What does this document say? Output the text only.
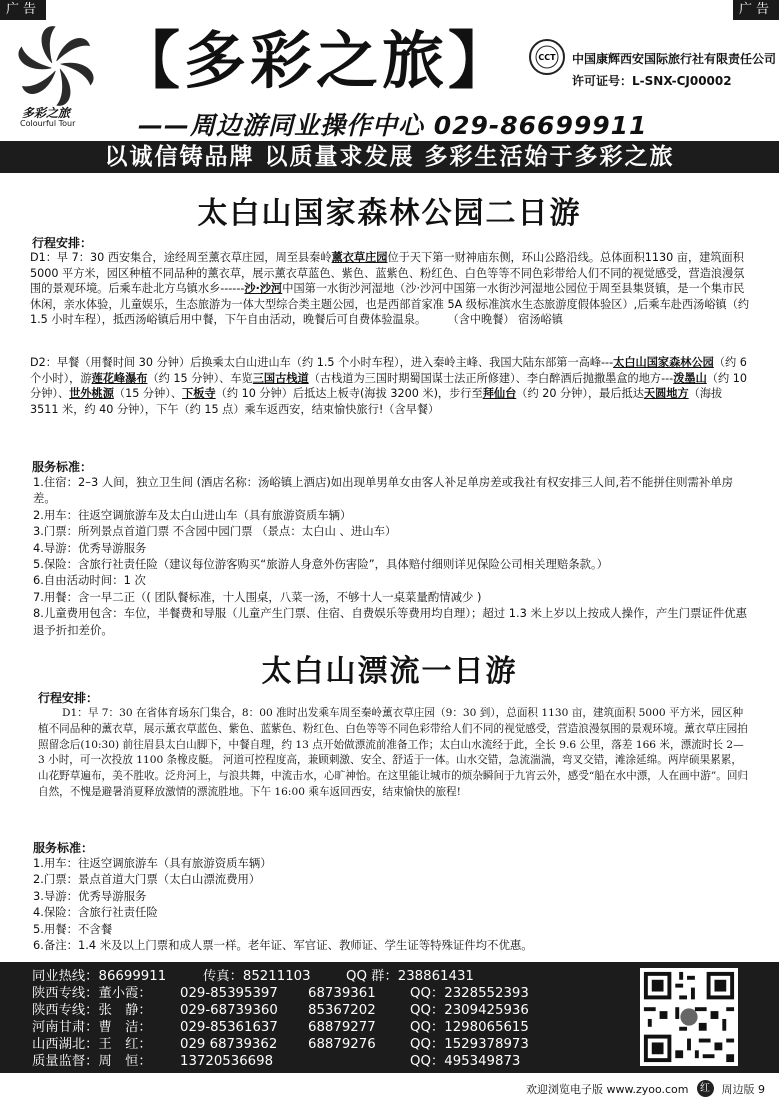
广告	广告
多彩之旅
Colourful Tour
【多彩之旅】	CCT 中国康辉西安国际旅行社有限责任公司
许可证号：L-SNX-CJ00002
——周边游同业操作中心 029-86699911
以诚信铸品牌 以质量求发展 多彩生活始于多彩之旅
太白山国家森林公园二日游
行程安排：

D1：早 7：30 西安集合，途经周至薰衣草庄园，周至县秦岭薰衣草庄园位于天下第一财神庙东侧，环山公路沿线。总体面积1130 亩，建筑面积 5000 平方米，园区种植不同品种的薰衣草，展示薰衣草蓝色、紫色、蓝紫色、粉红色、白色等等不同色彩带给人们不同的视觉感受，营造浪漫氛围的景观环境。后乘车赴北方乌镇水乡------沙·沙河中国第一水街沙河湿地（沙·沙河中国第一水街沙河湿地公园位于周至县集贤镇，是一个集市民休闲，亲水体验，儿童娱乐，生态旅游为一体大型综合类主题公园，也是西部首家准 5A 级标准滨水生态旅游度假体验区）,后乘车赴西汤峪镇（约 1.5 小时车程），抵西汤峪镇后用中餐，下午自由活动，晚餐后可自费体验温泉。 （含中晚餐） 宿汤峪镇

D2：早餐（用餐时间 30 分钟）后换乘太白山进山车（约 1.5 个小时车程），进入秦岭主峰、我国大陆东部第一高峰---太白山国家森林公园（约 6 个小时），游莲花峰瀑布（约 15 分钟）、车览三国古栈道（古栈道为三国时期蜀国谋士法正所修建）、李白醉酒后抛撒墨盒的地方---泼墨山（约 10 分钟）、世外桃源（15 分钟）、下板寺（约 10 分钟）后抵达上板寺(海拔 3200 米)，步行至拜仙台（约 20 分钟），最后抵达天圆地方（海拔 3511 米，约 40 分钟），下午（约 15 点）乘车返西安，结束愉快旅行!（含早餐）

服务标准：
1.住宿：2–3 人间，独立卫生间 (酒店名称：汤峪镇上酒店)如出现单男单女由客人补足单房差或我社有权安排三人间,若不能拼住则需补单房差。
2.用车：往返空调旅游车及太白山进山车（具有旅游资质车辆）
3.门票：所列景点首道门票 不含园中园门票 （景点：太白山 、进山车）
4.导游：优秀导游服务
5.保险：含旅行社责任险（建议每位游客购买“旅游人身意外伤害险”，具体赔付细则详见保险公司相关理赔条款。）
6.自由活动时间：1 次
7.用餐：含一早二正（( 团队餐标准，十人围桌，八菜一汤，不够十人一桌菜量酌情减少 )
8.儿童费用包含：车位，半餐费和导服（儿童产生门票、住宿、自费娱乐等费用均自理）；超过 1.3 米上岁以上按成人操作，产生门票证件优惠退予折扣差价。
太白山漂流一日游
行程安排：

D1：早 7：30 在省体育场东门集合，8：00 准时出发乘车周至秦岭薰衣草庄园（9：30 到），总面积 1130 亩，建筑面积 5000 平方米，园区种植不同品种的薰衣草，展示薰衣草蓝色、紫色、蓝紫色、粉红色、白色等等不同色彩带给人们不同的视觉感受，营造浪漫氛围的景观环境。薰衣草庄园拍照留念后(10:30) 前往眉县太白山脚下，中餐自理，约 13 点开始做漂流前准备工作；太白山水流经于此，全长 9.6 公里，落差 166 米，漂流时长 2—3 小时，可一次投放 1100 条橡皮艇。 河道可控程度高，兼顾刺激、安全、舒适于一体。山水交错，急流湍湍，弯叉交错，滩涂延绵。两岸硕果累累，山花野草遍布，美不胜收。泛舟河上，与浪共舞，中流击水，心旷神怡。在这里能让城市的烦杂瞬间于九宵云外，感受“船在水中漂，人在画中游”。回归自然，不愧是避暑消夏释放激情的漂流胜地。下午 16:00 乘车返回西安，结束愉快的旅程!

服务标准：
1.用车：往返空调旅游车（具有旅游资质车辆）
2.门票：景点首道大门票（太白山漂流费用）
3.导游：优秀导游服务
4.保险：含旅行社责任险
5.用餐：不含餐
6.备注：1.4 米及以上门票和成人票一样。老年证、军官证、教师证、学生证等特殊证件均不优惠。
同业热线：86699911	传真：85211103	QQ 群：238861431
陕西专线：董小霞： 029-85395397 68739361	QQ：2328552393
陕西专线：张　静： 029-68739360 85367202	QQ：2309425936
河南甘肃：曹　洁： 029-85361637 68879277	QQ：1298065615
山西湖北：王　红： 029 68739362 68879276	QQ：1529378973
质量监督：周　恒： 13720536698	QQ：495349873
欢迎浏览电子版 www.zyoo.com	红	周边版 9
